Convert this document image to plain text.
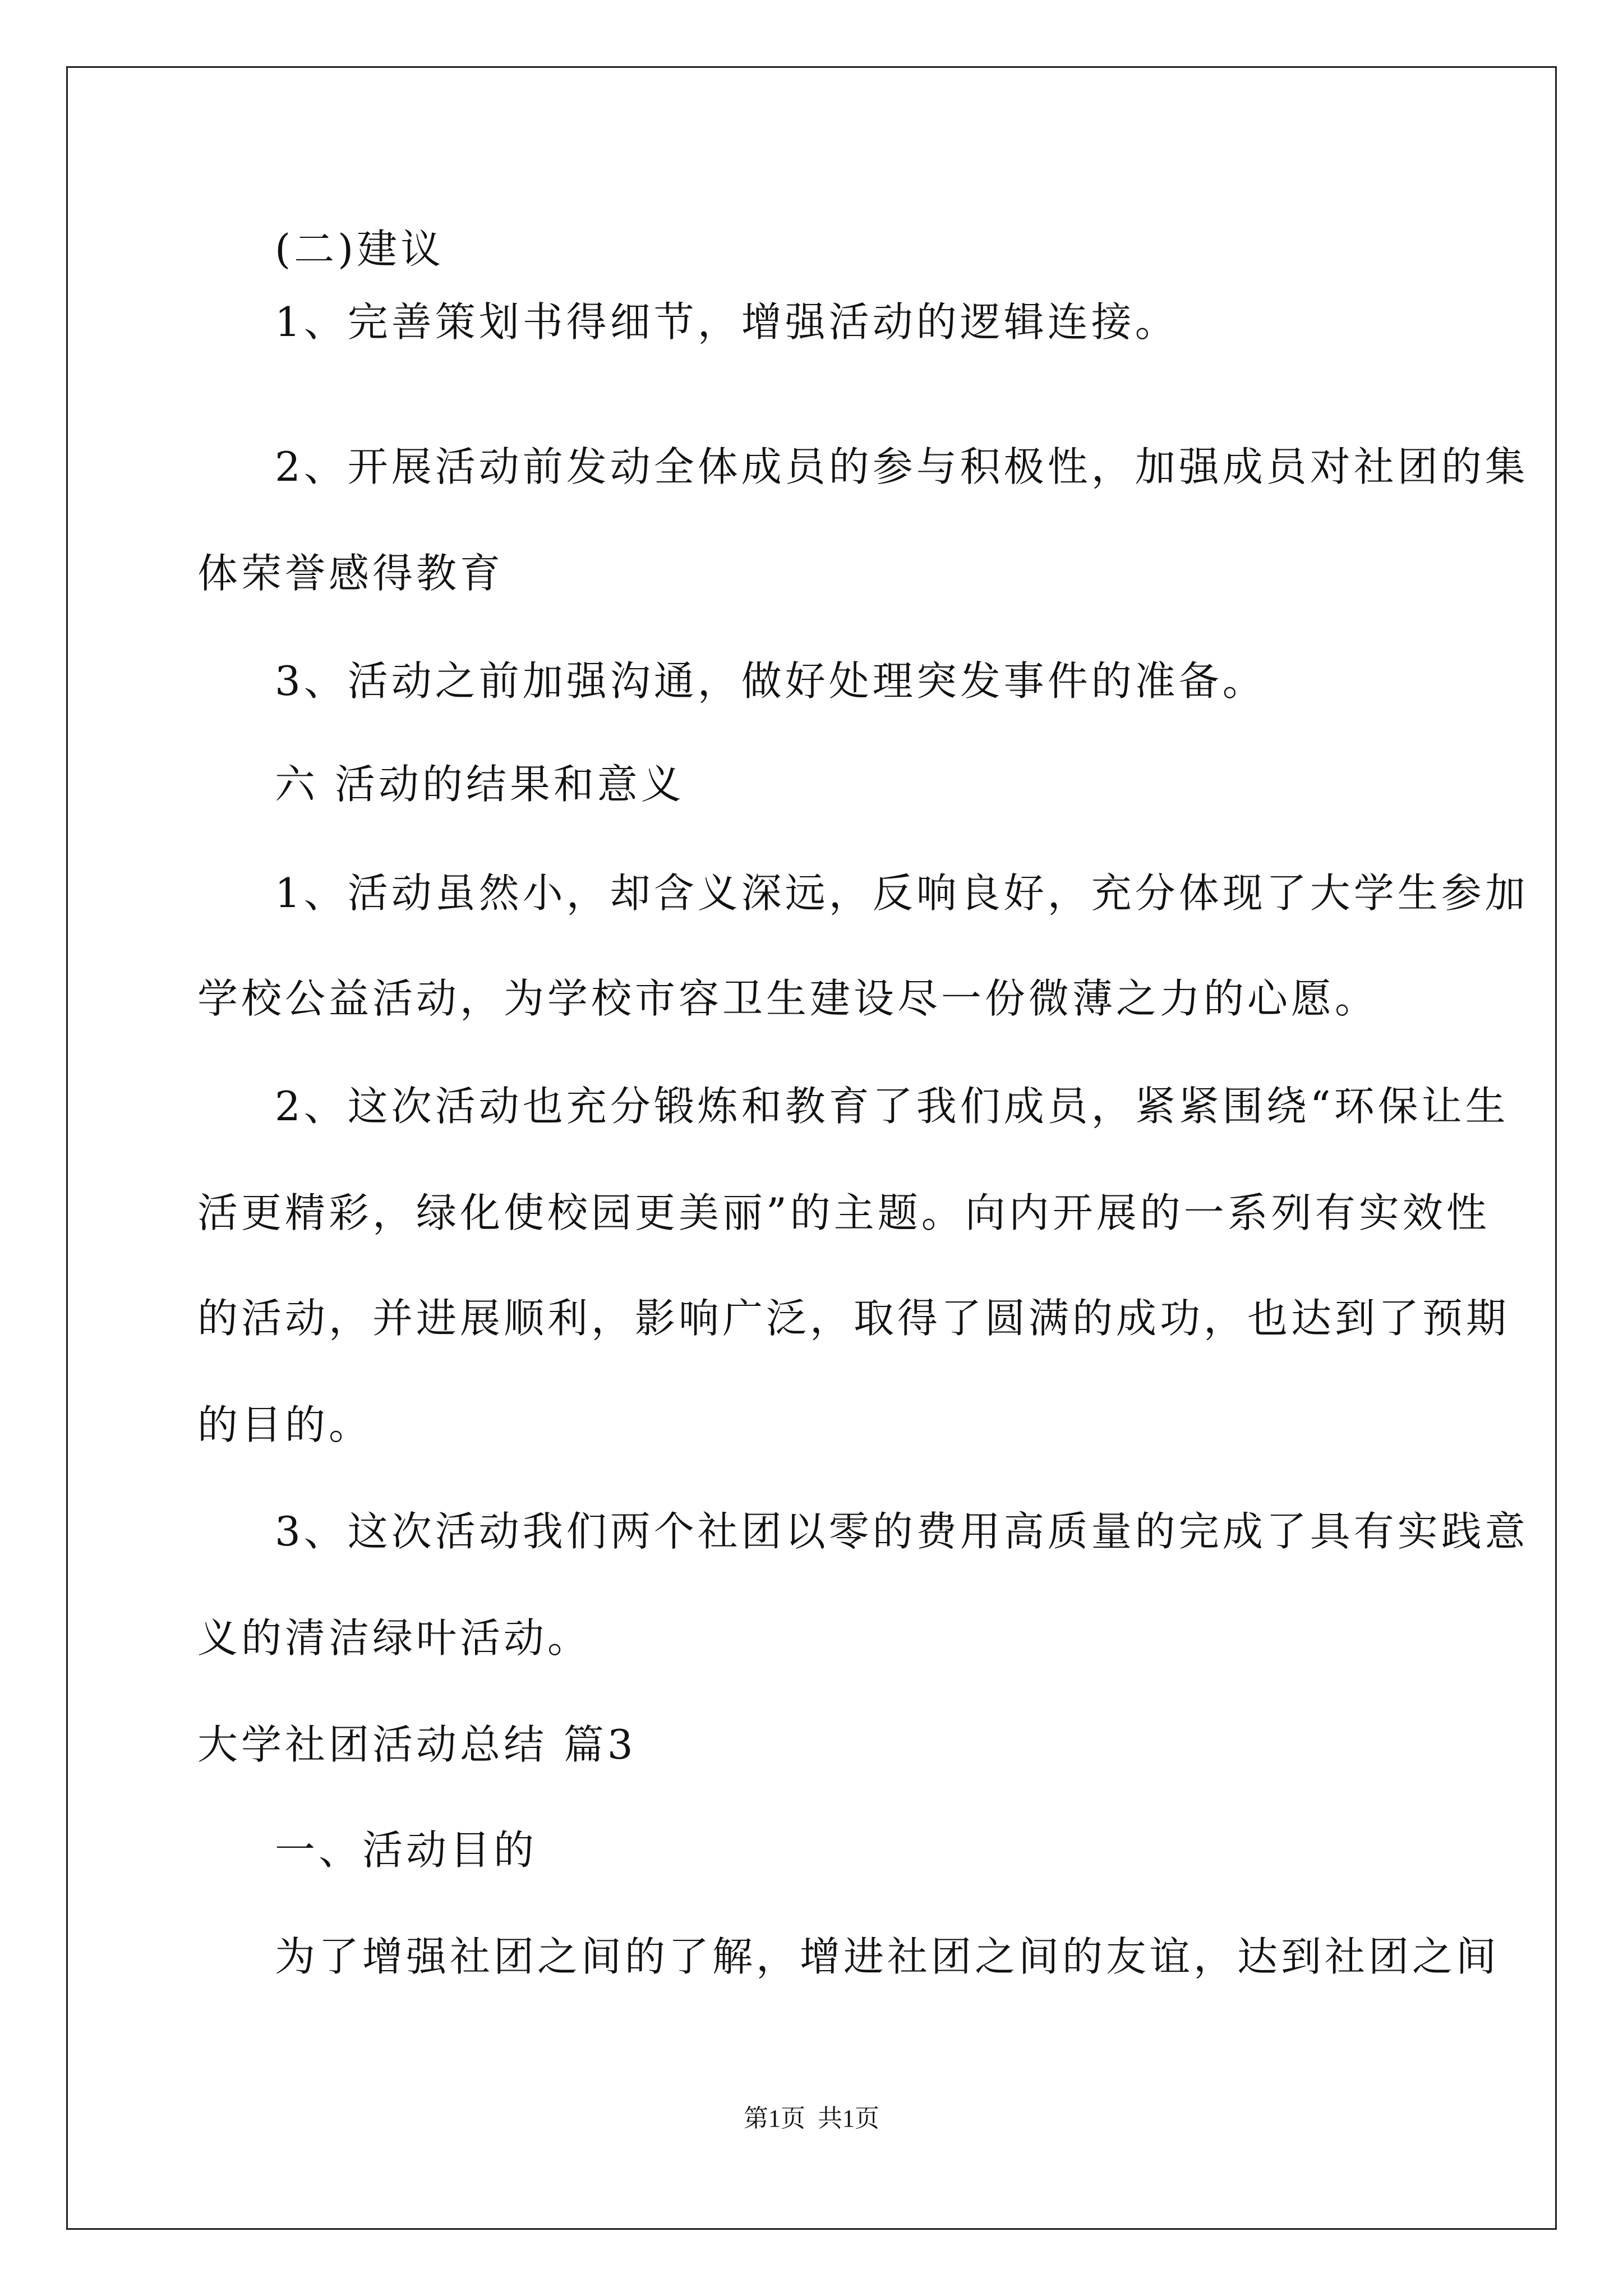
(二)建议
1、完善策划书得细节，增强活动的逻辑连接。
2、开展活动前发动全体成员的参与积极性，加强成员对社团的集
体荣誉感得教育
3、活动之前加强沟通，做好处理突发事件的准备。
六 活动的结果和意义
1、活动虽然小，却含义深远，反响良好，充分体现了大学生参加
学校公益活动，为学校市容卫生建设尽一份微薄之力的心愿。
2、这次活动也充分锻炼和教育了我们成员，紧紧围绕“环保让生
活更精彩，绿化使校园更美丽”的主题。向内开展的一系列有实效性
的活动，并进展顺利，影响广泛，取得了圆满的成功，也达到了预期
的目的。
3、这次活动我们两个社团以零的费用高质量的完成了具有实践意
义的清洁绿叶活动。
大学社团活动总结 篇3
一、活动目的
为了增强社团之间的了解，增进社团之间的友谊，达到社团之间
第1页  共1页
